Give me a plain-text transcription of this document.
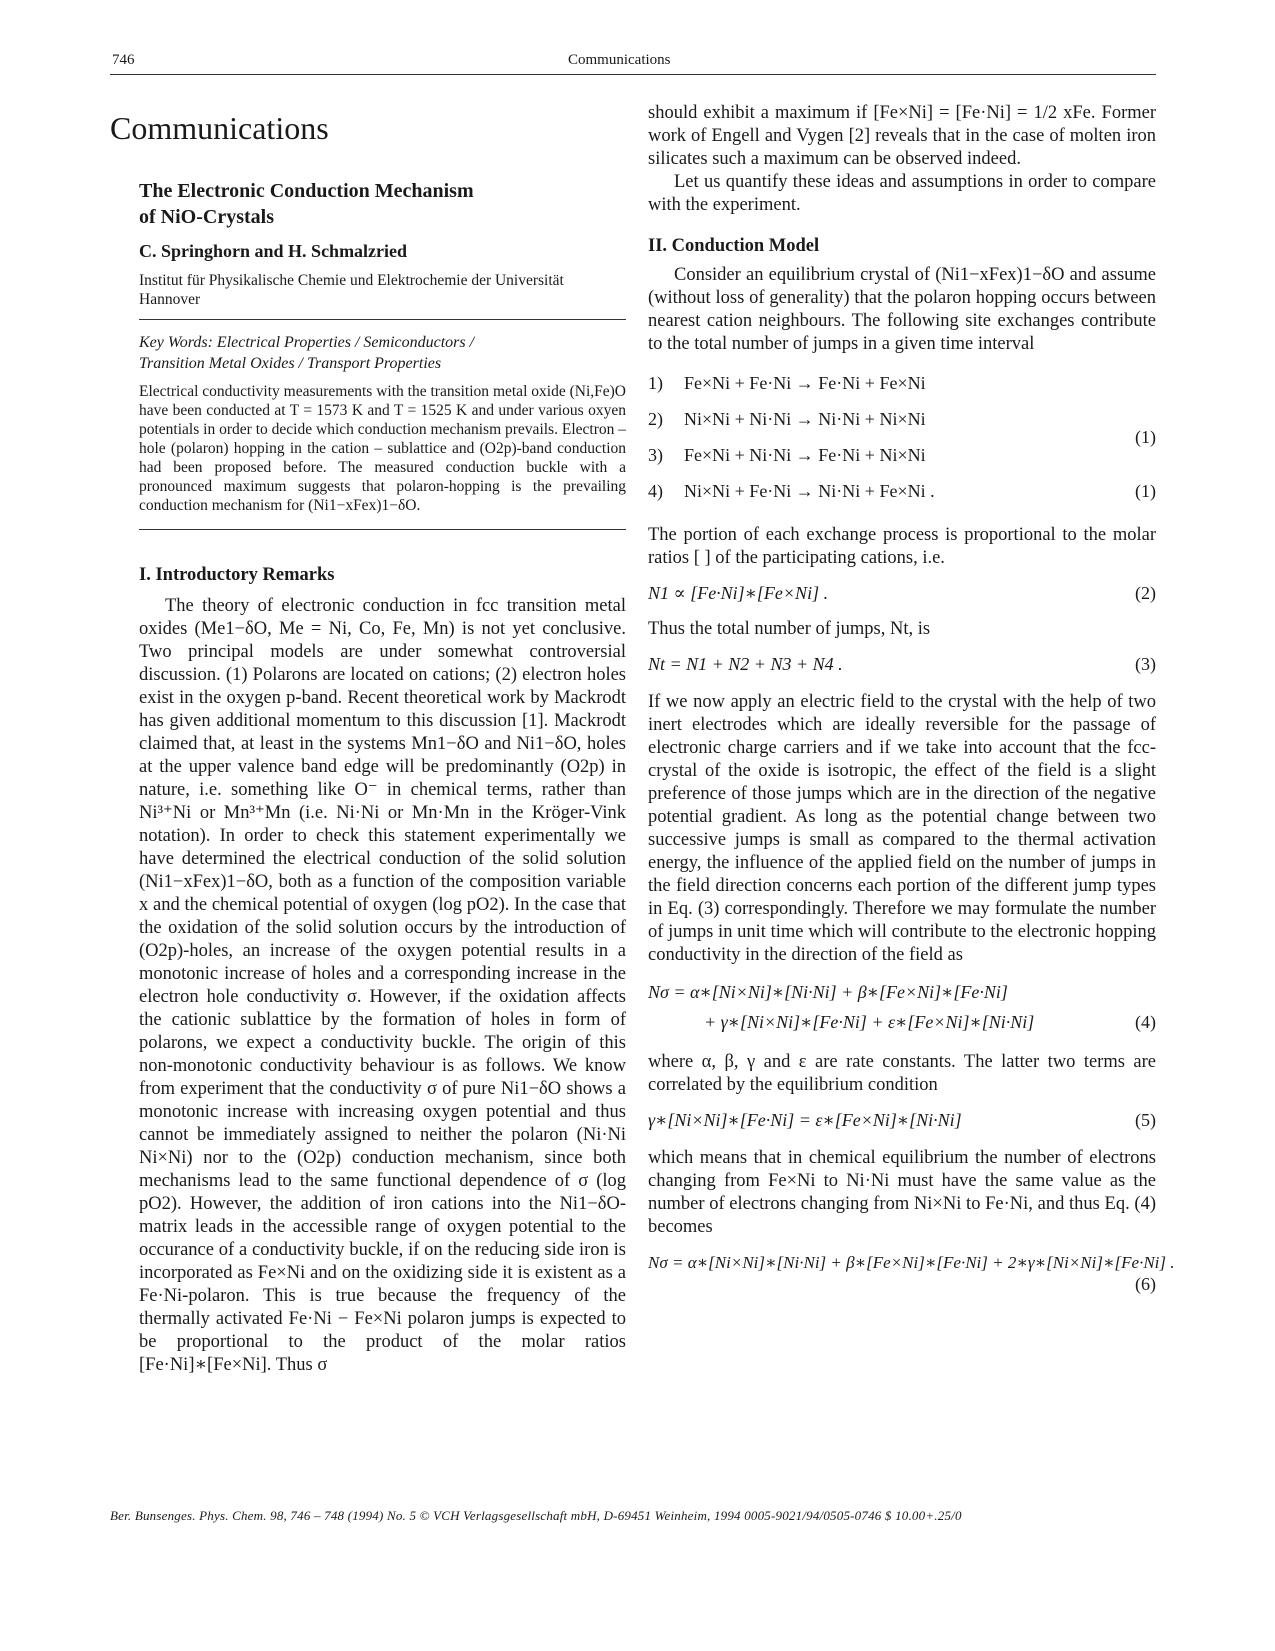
746	Communications
Communications
The Electronic Conduction Mechanism
of NiO-Crystals
C. Springhorn and H. Schmalzried
Institut für Physikalische Chemie und Elektrochemie der Universität
Hannover
Key Words: Electrical Properties / Semiconductors /
Transition Metal Oxides / Transport Properties

Electrical conductivity measurements with the transition metal oxide (Ni,Fe)O have been conducted at T = 1573 K and T = 1525 K and under various oxyen potentials in order to decide which conduction mechanism prevails. Electron – hole (polaron) hopping in the cation – sublattice and (O2p)-band conduction had been proposed before. The measured conduction buckle with a pronounced maximum suggests that polaron-hopping is the prevailing conduction mechanism for (Ni1−xFex)1−δO.

I. Introductory Remarks

The theory of electronic conduction in fcc transition metal oxides (Me1−δO, Me = Ni, Co, Fe, Mn) is not yet conclusive. Two principal models are under somewhat controversial discussion. (1) Polarons are located on cations; (2) electron holes exist in the oxygen p-band. Recent theoretical work by Mackrodt has given additional momentum to this discussion [1]. Mackrodt claimed that, at least in the systems Mn1−δO and Ni1−δO, holes at the upper valence band edge will be predominantly (O2p) in nature, i.e. something like O⁻ in chemical terms, rather than Ni³⁺Ni or Mn³⁺Mn (i.e. Ni·Ni or Mn·Mn in the Kröger-Vink notation). In order to check this statement experimentally we have determined the electrical conduction of the solid solution (Ni1−xFex)1−δO, both as a function of the composition variable x and the chemical potential of oxygen (log pO2). In the case that the oxidation of the solid solution occurs by the introduction of (O2p)-holes, an increase of the oxygen potential results in a monotonic increase of holes and a corresponding increase in the electron hole conductivity σ. However, if the oxidation affects the cationic sublattice by the formation of holes in form of polarons, we expect a conductivity buckle. The origin of this non-monotonic conductivity behaviour is as follows. We know from experiment that the conductivity σ of pure Ni1−δO shows a monotonic increase with increasing oxygen potential and thus cannot be immediately assigned to neither the polaron (Ni·Ni Ni×Ni) nor to the (O2p) conduction mechanism, since both mechanisms lead to the same functional dependence of σ (log pO2). However, the addition of iron cations into the Ni1−δO-matrix leads in the accessible range of oxygen potential to the occurance of a conductivity buckle, if on the reducing side iron is incorporated as Fe×Ni and on the oxidizing side it is existent as a Fe·Ni-polaron. This is true because the frequency of the thermally activated Fe·Ni − Fe×Ni polaron jumps is expected to be proportional to the product of the molar ratios [Fe·Ni]∗[Fe×Ni]. Thus σ

should exhibit a maximum if [Fe×Ni] = [Fe·Ni] = 1/2 xFe. Former work of Engell and Vygen [2] reveals that in the case of molten iron silicates such a maximum can be observed indeed.

Let us quantify these ideas and assumptions in order to compare with the experiment.

II. Conduction Model

Consider an equilibrium crystal of (Ni1−xFex)1−δO and assume (without loss of generality) that the polaron hopping occurs between nearest cation neighbours. The following site exchanges contribute to the total number of jumps in a given time interval

1) Fe×Ni + Fe·Ni → Fe·Ni + Fe×Ni
2) Ni×Ni + Ni·Ni → Ni·Ni + Ni×Ni
(1)
3) Fe×Ni + Ni·Ni → Fe·Ni + Ni×Ni
4) Ni×Ni + Fe·Ni → Ni·Ni + Fe×Ni .	(1)

The portion of each exchange process is proportional to the molar ratios [ ] of the participating cations, i.e.

N1 ∝ [Fe·Ni]∗[Fe×Ni] .	(2)

Thus the total number of jumps, Nt, is

Nt = N1 + N2 + N3 + N4 .	(3)

If we now apply an electric field to the crystal with the help of two inert electrodes which are ideally reversible for the passage of electronic charge carriers and if we take into account that the fcc-crystal of the oxide is isotropic, the effect of the field is a slight preference of those jumps which are in the direction of the negative potential gradient. As long as the potential change between two successive jumps is small as compared to the thermal activation energy, the influence of the applied field on the number of jumps in the field direction concerns each portion of the different jump types in Eq. (3) correspondingly. Therefore we may formulate the number of jumps in unit time which will contribute to the electronic hopping conductivity in the direction of the field as

Nσ = α∗[Ni×Ni]∗[Ni·Ni] + β∗[Fe×Ni]∗[Fe·Ni]
+ γ∗[Ni×Ni]∗[Fe·Ni] + ε∗[Fe×Ni]∗[Ni·Ni]	(4)

where α, β, γ and ε are rate constants. The latter two terms are correlated by the equilibrium condition

γ∗[Ni×Ni]∗[Fe·Ni] = ε∗[Fe×Ni]∗[Ni·Ni]	(5)

which means that in chemical equilibrium the number of electrons changing from Fe×Ni to Ni·Ni must have the same value as the number of electrons changing from Ni×Ni to Fe·Ni, and thus Eq. (4) becomes

Nσ = α∗[Ni×Ni]∗[Ni·Ni] + β∗[Fe×Ni]∗[Fe·Ni] + 2∗γ∗[Ni×Ni]∗[Fe·Ni] .
(6)
Ber. Bunsenges. Phys. Chem. 98, 746 – 748 (1994) No. 5 © VCH Verlagsgesellschaft mbH, D-69451 Weinheim, 1994 0005-9021/94/0505-0746 $ 10.00+.25/0
